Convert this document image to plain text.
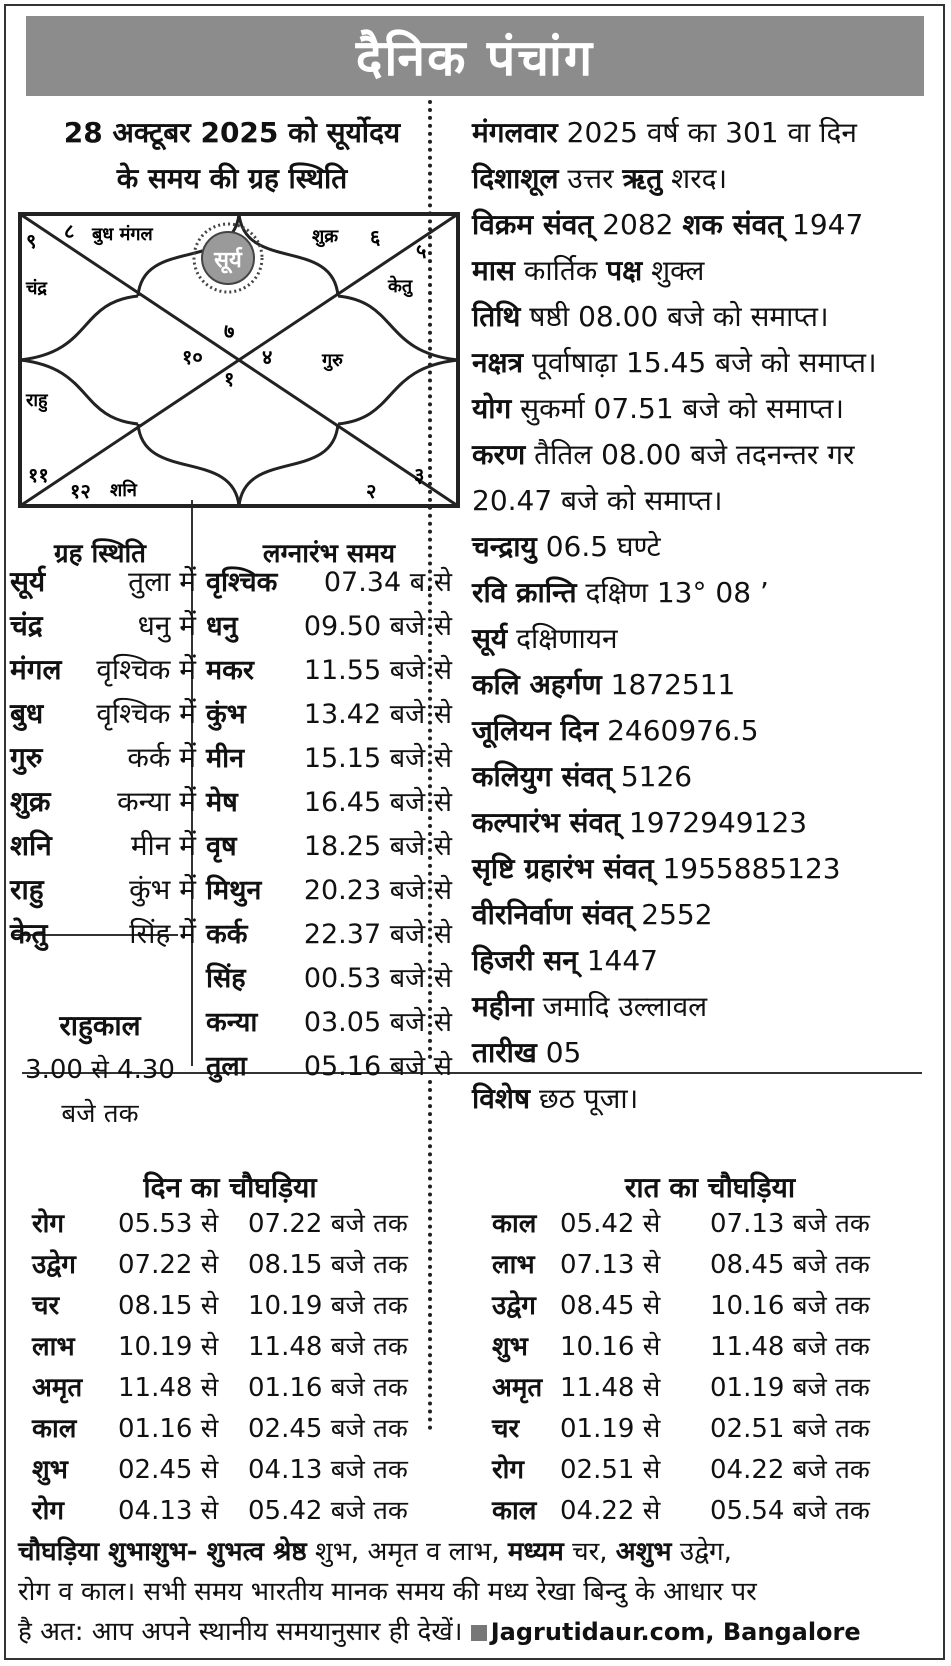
दैनिक पंचांग
28 अक्टूबर 2025 को सूर्योदय
के समय की ग्रह स्थिति
सूर्य
७
६
५
४
३
२
१
१२
११
१०
९ ८ बुध मंगल	शुक्र
केतु
चंद्र
गुरु
राहु
शनि
मंगलवार 2025 वर्ष का 301 वा दिन
दिशाशूल उत्तर ऋतु शरद।
विक्रम संवत् 2082 शक संवत् 1947
मास कार्तिक पक्ष शुक्ल
तिथि षष्ठी 08.00 बजे को समाप्त।
नक्षत्र पूर्वाषाढ़ा 15.45 बजे को समाप्त।
योग सुकर्मा 07.51 बजे को समाप्त।
करण तैतिल 08.00 बजे तदनन्तर गर
20.47 बजे को समाप्त।
चन्द्रायु 06.5 घण्टे
रवि क्रान्ति दक्षिण 13° 08 ’
सूर्य दक्षिणायन
कलि अहर्गण 1872511
जूलियन दिन 2460976.5
कलियुग संवत् 5126
कल्पारंभ संवत् 1972949123
सृष्टि ग्रहारंभ संवत् 1955885123
वीरनिर्वाण संवत् 2552
हिजरी सन् 1447
महीना जमादि उल्लावल
तारीख 05
विशेष छठ पूजा।
ग्रह स्थिति
सूर्य	तुला में
चंद्र	धनु में
मंगल वृश्चिक में
बुध वृश्चिक में
गुरु	कर्क में
शुक्र कन्या में
शनि	मीन में
राहु	कुंभ में
केतु	सिंह में
राहुकाल
3.00 से 4.30
बजे तक
लग्नारंभ समय
वृश्चिक 07.34 ब.से
धनु 09.50 बजे से
मकर 11.55 बजे से
कुंभ 13.42 बजे से
मीन 15.15 बजे से
मेष 16.45 बजे से
वृष 18.25 बजे से
मिथुन 20.23 बजे से
कर्क 22.37 बजे से
सिंह 00.53 बजे से
कन्या 03.05 बजे से
तुला 05.16 बजे से
दिन का चौघड़िया
रोग 05.53 से 07.22 बजे तक
उद्वेग 07.22 से 08.15 बजे तक
चर 08.15 से 10.19 बजे तक
लाभ 10.19 से 11.48 बजे तक
अमृत 11.48 से 01.16 बजे तक
काल 01.16 से 02.45 बजे तक
शुभ 02.45 से 04.13 बजे तक
रोग 04.13 से 05.42 बजे तक
रात का चौघड़िया
काल 05.42 से 07.13 बजे तक
लाभ 07.13 से 08.45 बजे तक
उद्वेग 08.45 से 10.16 बजे तक
शुभ 10.16 से 11.48 बजे तक
अमृत 11.48 से 01.19 बजे तक
चर 01.19 से 02.51 बजे तक
रोग 02.51 से 04.22 बजे तक
काल 04.22 से 05.54 बजे तक
चौघड़िया शुभाशुभ- शुभत्व श्रेष्ठ शुभ, अमृत व लाभ, मध्यम चर, अशुभ उद्वेग,
रोग व काल। सभी समय भारतीय मानक समय की मध्य रेखा बिन्दु के आधार पर
है अत: आप अपने स्थानीय समयानुसार ही देखें। Jagrutidaur.com, Bangalore
